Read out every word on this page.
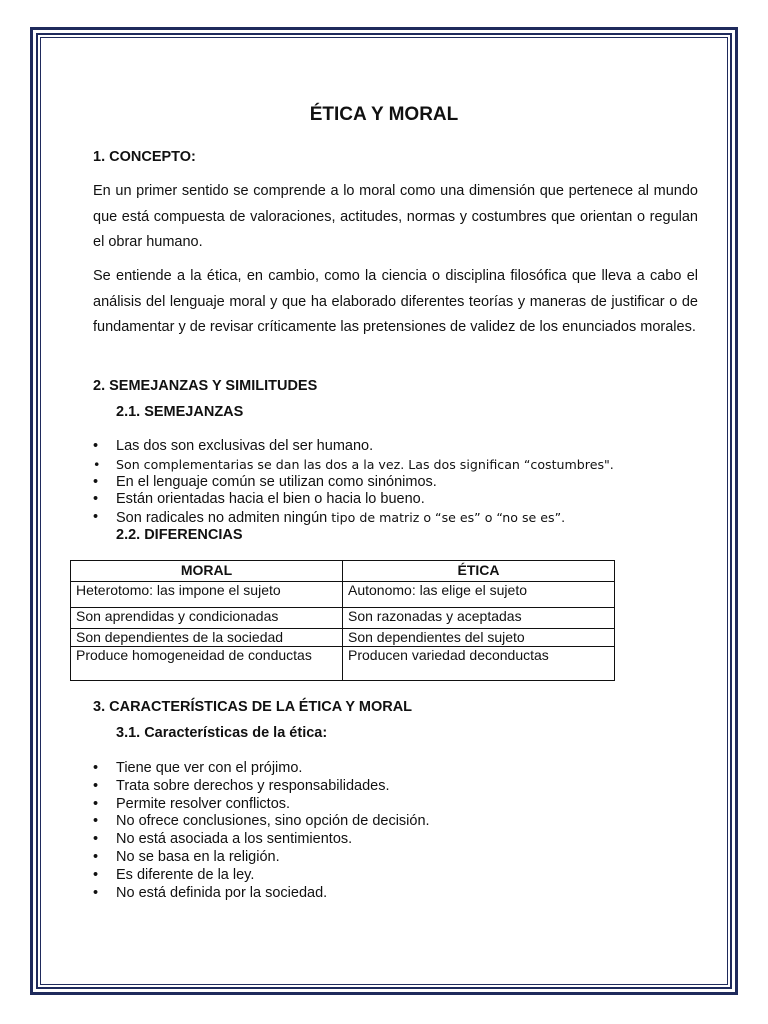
ÉTICA Y MORAL
1. CONCEPTO:
En un primer sentido se comprende a lo moral como una dimensión que pertenece al mundo que está compuesta de valoraciones, actitudes, normas y costumbres que orientan o regulan el obrar humano.
Se entiende a la ética, en cambio, como la ciencia o disciplina filosófica que lleva a cabo el análisis del lenguaje moral y que ha elaborado diferentes teorías y maneras de justificar o de fundamentar y de revisar críticamente las pretensiones de validez de los enunciados morales.
2. SEMEJANZAS Y SIMILITUDES
2.1. SEMEJANZAS
• Las dos son exclusivas del ser humano.
• Son complementarias se dan las dos a la vez. Las dos significan “costumbres".
• En el lenguaje común se utilizan como sinónimos.
• Están orientadas hacia el bien o hacia lo bueno.
• Son radicales no admiten ningún tipo de matriz o “se es” o “no se es”.
2.2. DIFERENCIAS
MORAL	ÉTICA
Heterotomo: las impone el sujeto	Autonomo: las elige el sujeto
Son aprendidas y condicionadas	Son razonadas y aceptadas
Son dependientes de la sociedad	Son dependientes del sujeto
Produce homogeneidad de conductas	Producen variedad deconductas
3. CARACTERÍSTICAS DE LA ÉTICA Y MORAL
3.1. Características de la ética:
• Tiene que ver con el prójimo.
• Trata sobre derechos y responsabilidades.
• Permite resolver conflictos.
• No ofrece conclusiones, sino opción de decisión.
• No está asociada a los sentimientos.
• No se basa en la religión.
• Es diferente de la ley.
• No está definida por la sociedad.
